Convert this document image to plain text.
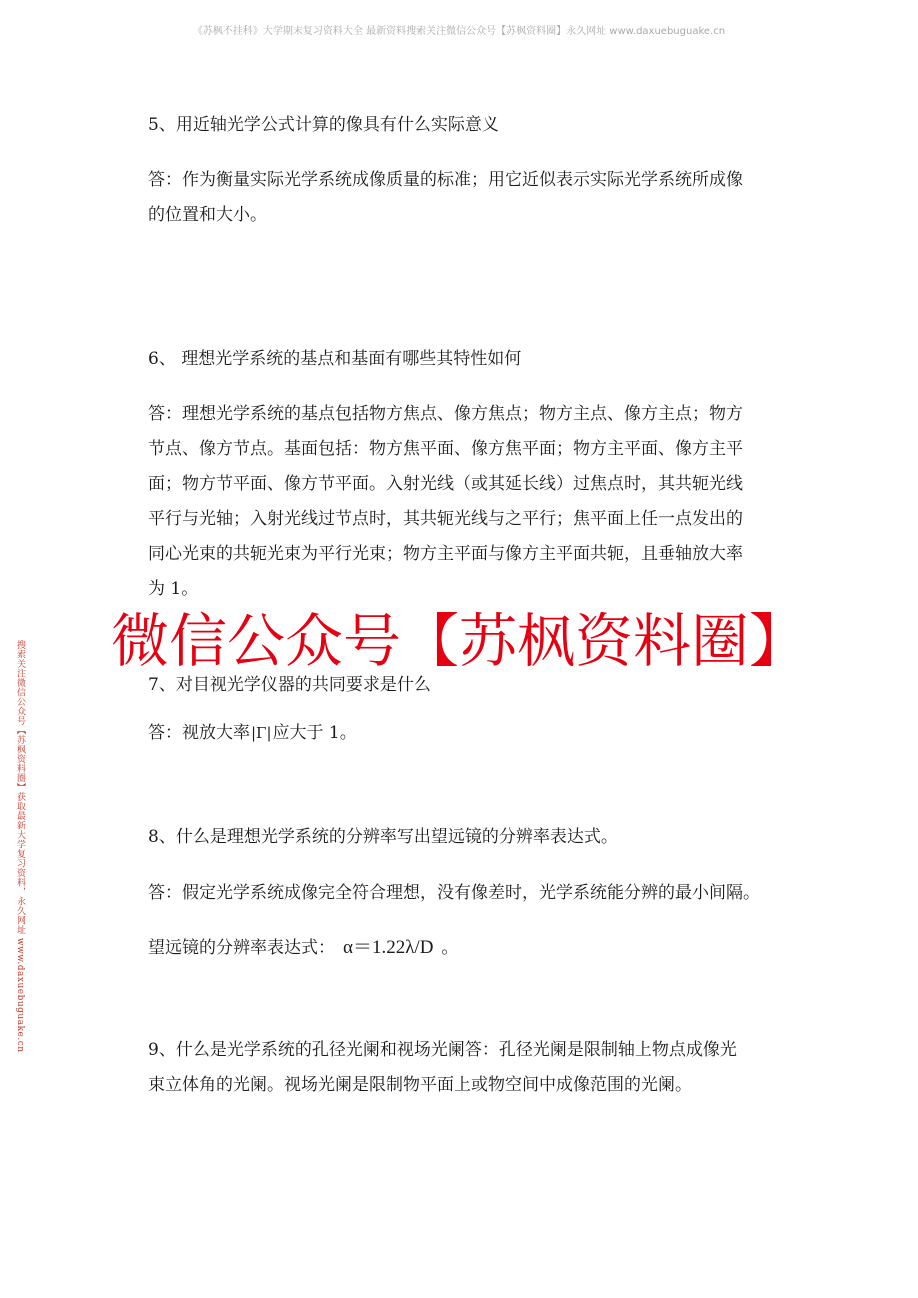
《苏枫不挂科》大学期末复习资料大全 最新资料搜索关注微信公众号【苏枫资料圈】永久网址 www.daxuebuguake.cn
搜索关注微信公众号【苏枫资料圈】获取最新大学复习资料，永久网址 www.daxuebuguake.cn
5、用近轴光学公式计算的像具有什么实际意义
答：作为衡量实际光学系统成像质量的标准；用它近似表示实际光学系统所成像
的位置和大小。
6、 理想光学系统的基点和基面有哪些其特性如何
答：理想光学系统的基点包括物方焦点、像方焦点；物方主点、像方主点；物方
节点、像方节点。基面包括：物方焦平面、像方焦平面；物方主平面、像方主平
面；物方节平面、像方节平面。入射光线（或其延长线）过焦点时，其共轭光线
平行与光轴；入射光线过节点时，其共轭光线与之平行；焦平面上任一点发出的
同心光束的共轭光束为平行光束；物方主平面与像方主平面共轭，且垂轴放大率
为 1。
微信公众号【苏枫资料圈】
7、对目视光学仪器的共同要求是什么
答：视放大率|Γ|应大于 1。
8、什么是理想光学系统的分辨率写出望远镜的分辨率表达式。
答：假定光学系统成像完全符合理想，没有像差时，光学系统能分辨的最小间隔。
望远镜的分辨率表达式： α＝1.22λ/D 。
9、什么是光学系统的孔径光阑和视场光阑答：孔径光阑是限制轴上物点成像光
束立体角的光阑。视场光阑是限制物平面上或物空间中成像范围的光阑。
